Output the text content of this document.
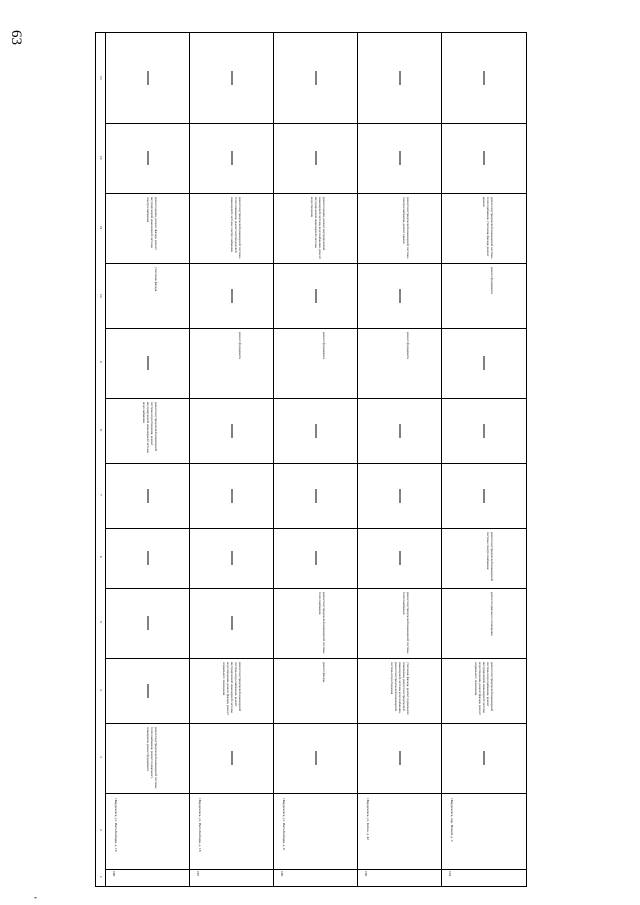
63
-
1
2
3
4
5
6
7
8
9
10
11
12
13
188
г.Бердичевск, ул. Вити Кобзаря, д. 16
ремонт внутридомовой инженерной системы теплоснабжения, ремонт подвального помещения, ремонт фундамента
ремонт внутридомовой инженерной системы водоотведения, ремонт внутридомовой инженерной системы водоснабжения
утепление фасада
ремонт крыши, ремонт фасада, ремонт внутридомовой инженерной системы электроснабжения
187
г.Бердичевск, ул. Вити Кобзаря, д. 18
ремонт внутридомовой инженерной системы водоснабжения, ремонт внутридомовой инженерной системы водоотведения, ремонт фасада, ремонт подвального помещения
ремонт фундамента
ремонт внутридомовой инженерной системы теплоснабжения, ремонт внутридомовой инженерной системы электроснабжения
189
г.Бердичевск, ул. Вити Кобзаря, д. 6
ремонт фасада
ремонт внутридомовой инженерной системы теплоснабжения
ремонт фундамента
ремонт крыши, ремонт внутридомовой инженерной системы водоснабжения, ремонт внутридомовой инженерной системы водоотведения
190
г.Бердичевск, ул. Котко, д. 42
утепление фасада, ремонт подвального помещения, ремонт внутридомовой инженерной системы водоснабжения, ремонт внутридомовой инженерной системы водоотведения
ремонт внутридомовой инженерной системы теплоснабжения
ремонт фундамента
ремонт внутридомовой инженерной системы электроснабжения, ремонт крыши
191
г.Бердичевск, пер. Новый, д. 3
ремонт внутридомовой инженерной системы водоснабжения, ремонт внутридомовой инженерной системы водоотведения, ремонт фасада, ремонт подвального помещения
ремонт подвального помещения
ремонт внутридомовой инженерной системы электроснабжения
ремонт фундамента
ремонт внутридомовой инженерной системы теплоснабжения, утепление фасада, ремонт крыши
